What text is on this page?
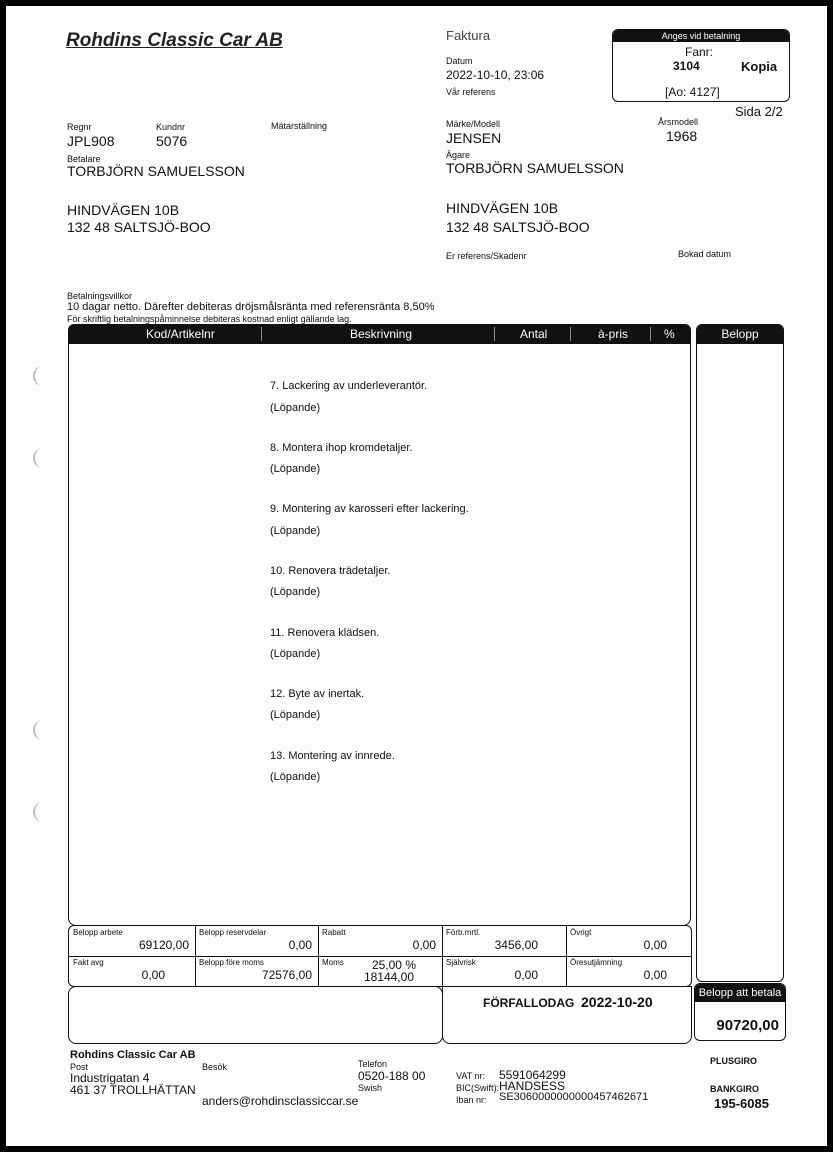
Rohdins Classic Car AB	Faktura
Datum
2022-10-10, 23:06
Vår referens
Anges vid betalning
Fanr:
3104	Kopia
[Ao: 4127]
Sida 2/2
Regnr
JPL908
Kundnr
5076
Mätarställning
Betalare
TORBJÖRN SAMUELSSON
HINDVÄGEN 10B
132 48 SALTSJÖ-BOO
Märke/Modell
JENSEN
Årsmodell
1968
Ägare
TORBJÖRN SAMUELSSON
HINDVÄGEN 10B
132 48 SALTSJÖ-BOO
Er referens/Skadenr	Bokad datum
Betalningsvillkor
10 dagar netto. Därefter debiteras dröjsmålsränta med referensränta 8,50%
För skriftlig betalningspåminnelse debiteras kostnad enligt gällande lag.
Kod/Artikelnr	Beskrivning	Antal	à-pris	%	Belopp
7. Lackering av underleverantör.
(Löpande)
8. Montera ihop kromdetaljer.
(Löpande)
9. Montering av karosseri efter lackering.
(Löpande)
10. Renovera trädetaljer.
(Löpande)
11. Renovera klädsen.
(Löpande)
12. Byte av inertak.
(Löpande)
13. Montering av innrede.
(Löpande)
Belopp arbete
69120,00
Belopp reservdelar
0,00
Rabatt
0,00
Förb.mrtl.
3456,00
Övrigt
0,00
Fakt avg
0,00
Belopp före moms
72576,00
Moms 25,00 %
18144,00
Självrisk
0,00
Öresutjämning
0,00
FÖRFALLODAG 2022-10-20
Belopp att betala
90720,00
Rohdins Classic Car AB
Post
Industrigatan 4
461 37 TROLLHÄTTAN
Besök
anders@rohdinsclassiccar.se
Telefon
0520-188 00
Swish
VAT nr: 5591064299
BIC(Swift): HANDSESS
Iban nr: SE3060000000000457462671
PLUSGIRO
BANKGIRO
195-6085
